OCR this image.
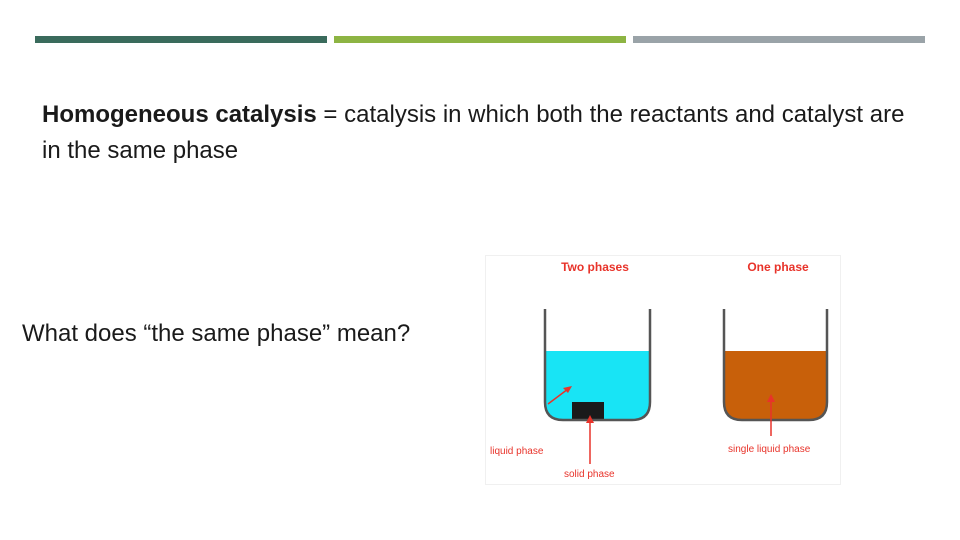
Homogeneous catalysis = catalysis in which both the reactants and catalyst are in the same phase
What does “the same phase” mean?
Two phases	One phase
liquid phase
solid phase
single liquid phase
